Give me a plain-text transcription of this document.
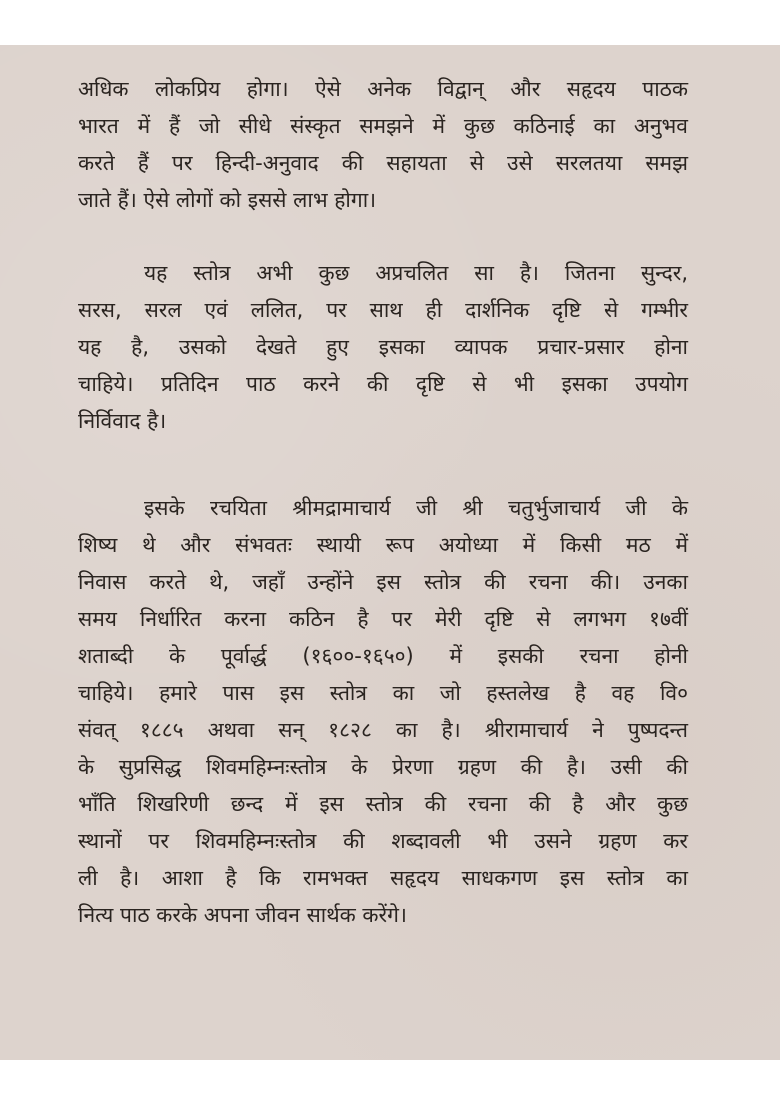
अधिक लोकप्रिय होगा। ऐसे अनेक विद्वान् और सहृदय पाठक
भारत में हैं जो सीधे संस्कृत समझने में कुछ कठिनाई का अनुभव
करते हैं पर हिन्दी-अनुवाद की सहायता से उसे सरलतया समझ
जाते हैं। ऐसे लोगों को इससे लाभ होगा।
यह स्तोत्र अभी कुछ अप्रचलित सा है। जितना सुन्दर,
सरस, सरल एवं ललित, पर साथ ही दार्शनिक दृष्टि से गम्भीर
यह है, उसको देखते हुए इसका व्यापक प्रचार-प्रसार होना
चाहिये। प्रतिदिन पाठ करने की दृष्टि से भी इसका उपयोग
निर्विवाद है।
इसके रचयिता श्रीमद्रामाचार्य जी श्री चतुर्भुजाचार्य जी के
शिष्य थे और संभवतः स्थायी रूप अयोध्या में किसी मठ में
निवास करते थे, जहाँ उन्होंने इस स्तोत्र की रचना की। उनका
समय निर्धारित करना कठिन है पर मेरी दृष्टि से लगभग १७वीं
शताब्दी के पूर्वार्द्ध (१६००-१६५०) में इसकी रचना होनी
चाहिये। हमारे पास इस स्तोत्र का जो हस्तलेख है वह वि०
संवत् १८८५ अथवा सन् १८२८ का है। श्रीरामाचार्य ने पुष्पदन्त
के सुप्रसिद्ध शिवमहिम्नःस्तोत्र के प्रेरणा ग्रहण की है। उसी की
भाँति शिखरिणी छन्द में इस स्तोत्र की रचना की है और कुछ
स्थानों पर शिवमहिम्नःस्तोत्र की शब्दावली भी उसने ग्रहण कर
ली है। आशा है कि रामभक्त सहृदय साधकगण इस स्तोत्र का
नित्य पाठ करके अपना जीवन सार्थक करेंगे।
